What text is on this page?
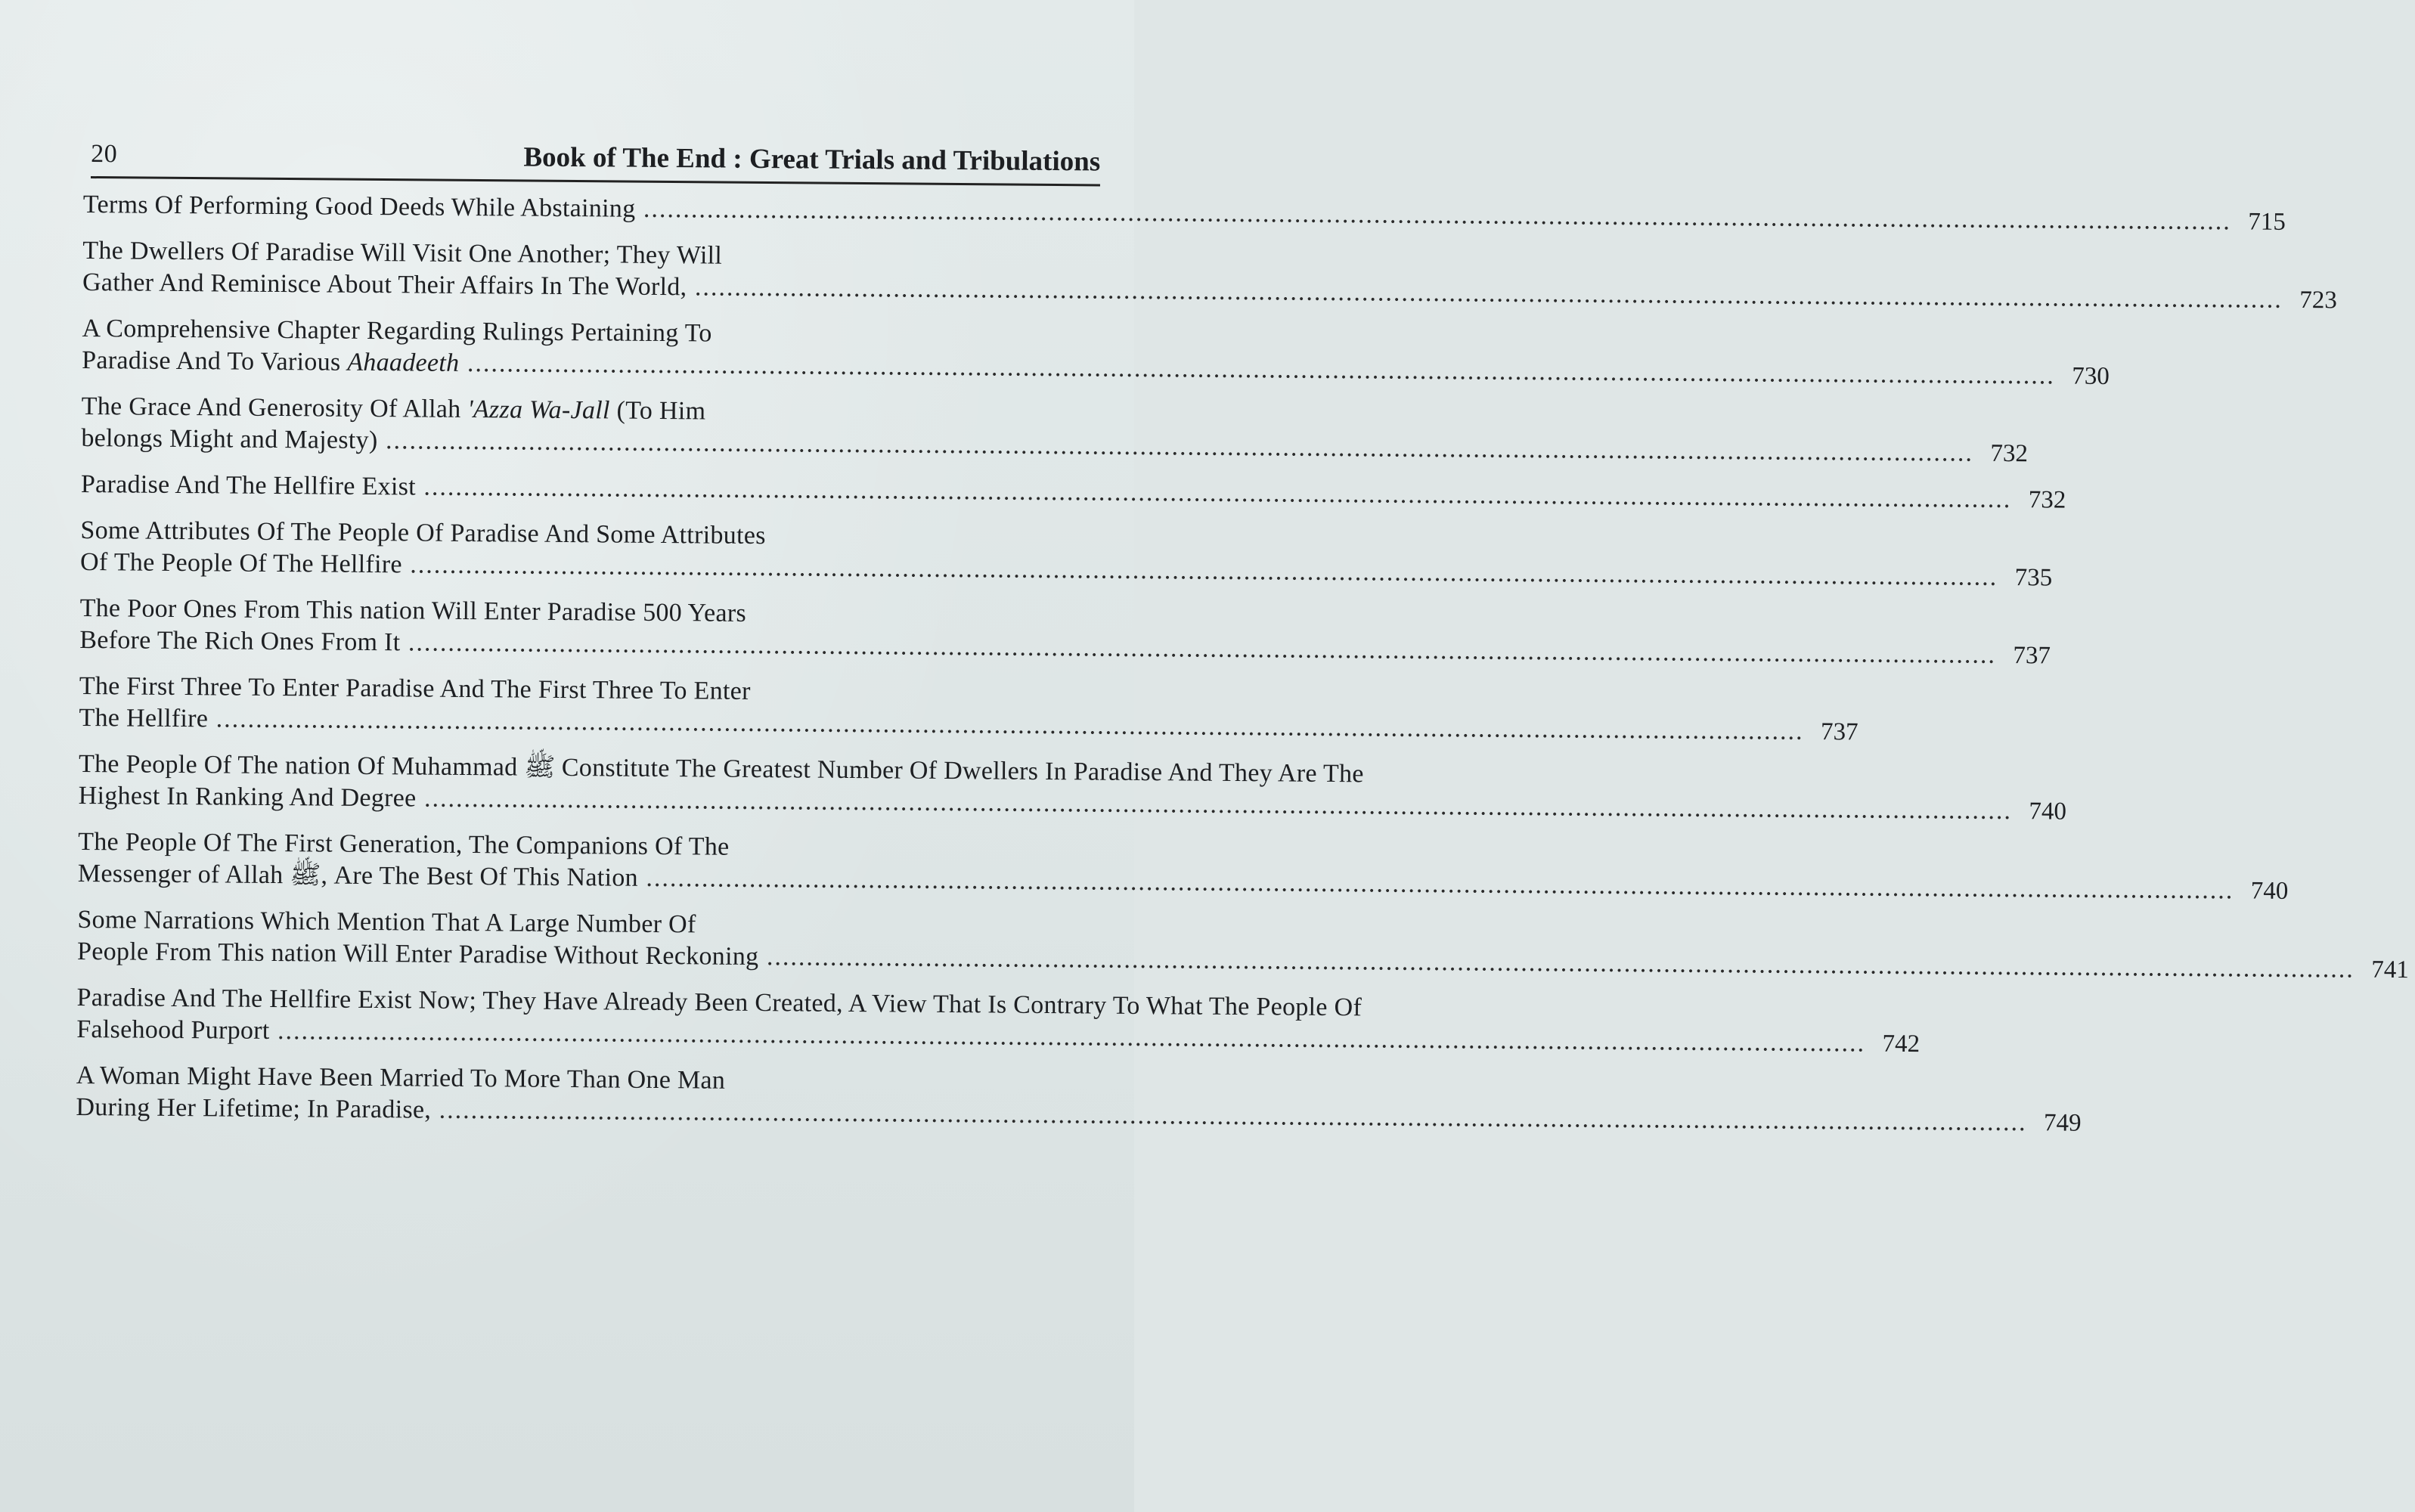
20	Book of The End : Great Trials and Tribulations
Terms Of Performing Good Deeds While Abstaining ........................................................................................................................................................................................................ 715
The Dwellers Of Paradise Will Visit One Another; They Will
Gather And Reminisce About Their Affairs In The World, ........................................................................................................................................................................................................ 723
A Comprehensive Chapter Regarding Rulings Pertaining To
Paradise And To Various Ahaadeeth ........................................................................................................................................................................................................ 730
The Grace And Generosity Of Allah 'Azza Wa-Jall (To Him
belongs Might and Majesty) ........................................................................................................................................................................................................ 732
Paradise And The Hellfire Exist ........................................................................................................................................................................................................ 732
Some Attributes Of The People Of Paradise And Some Attributes
Of The People Of The Hellfire ........................................................................................................................................................................................................ 735
The Poor Ones From This nation Will Enter Paradise 500 Years
Before The Rich Ones From It ........................................................................................................................................................................................................ 737
The First Three To Enter Paradise And The First Three To Enter
The Hellfire ........................................................................................................................................................................................................ 737
The People Of The nation Of Muhammad ﷺ Constitute The Greatest Number Of Dwellers In Paradise And They Are The
Highest In Ranking And Degree ........................................................................................................................................................................................................ 740
The People Of The First Generation, The Companions Of The
Messenger of Allah ﷺ, Are The Best Of This Nation ........................................................................................................................................................................................................ 740
Some Narrations Which Mention That A Large Number Of
People From This nation Will Enter Paradise Without Reckoning ........................................................................................................................................................................................................ 741
Paradise And The Hellfire Exist Now; They Have Already Been Created, A View That Is Contrary To What The People Of
Falsehood Purport ........................................................................................................................................................................................................ 742
A Woman Might Have Been Married To More Than One Man
During Her Lifetime; In Paradise, ........................................................................................................................................................................................................ 749
